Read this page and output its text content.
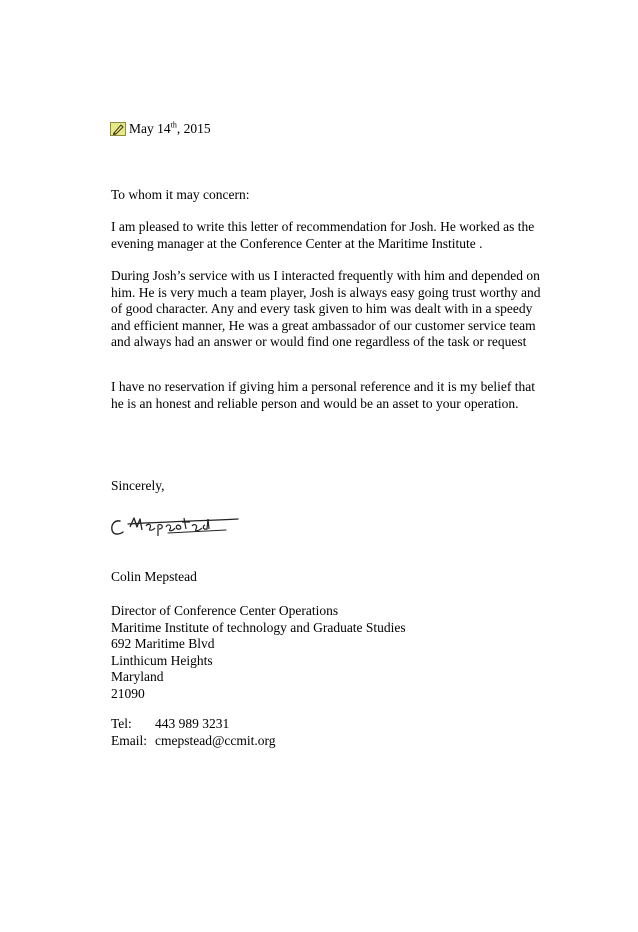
May 14th, 2015

To whom it may concern:

I am pleased to write this letter of recommendation for Josh. He worked as the evening manager at the Conference Center at the Maritime Institute .

During Josh’s service with us I interacted frequently with him and depended on him. He is very much a team player, Josh is always easy going trust worthy and of good character. Any and every task given to him was dealt with in a speedy and efficient manner, He was a great ambassador of our customer service team and always had an answer or would find one regardless of the task or request

I have no reservation if giving him a personal reference and it is my belief that he is an honest and reliable person and would be an asset to your operation.

Sincerely,

Colin Mepstead

Director of Conference Center Operations
Maritime Institute of technology and Graduate Studies
692 Maritime Blvd
Linthicum Heights
Maryland
21090
Tel:	443 989 3231
Email: cmepstead@ccmit.org
